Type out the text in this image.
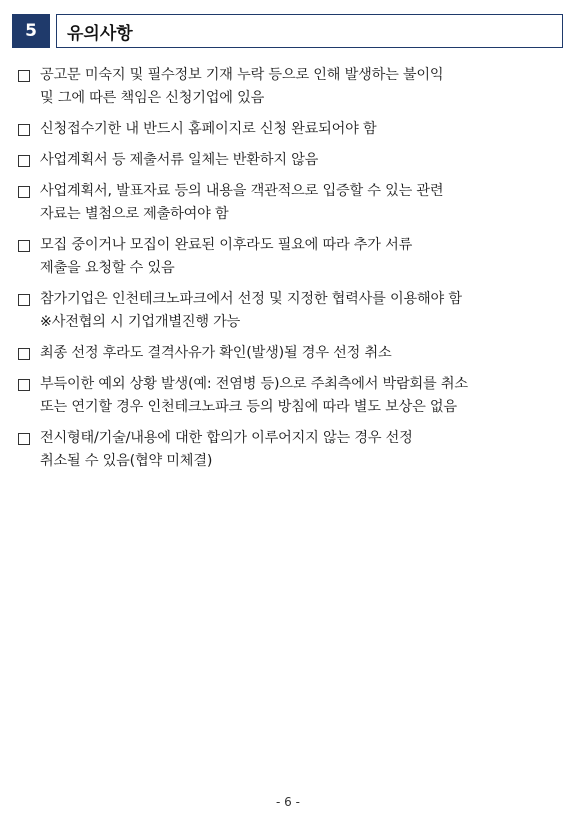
5	유의사항
공고문 미숙지 및 필수정보 기재 누락 등으로 인해 발생하는 불이익
및 그에 따른 책임은 신청기업에 있음
신청접수기한 내 반드시 홈페이지로 신청 완료되어야 함
사업계획서 등 제출서류 일체는 반환하지 않음
사업계획서, 발표자료 등의 내용을 객관적으로 입증할 수 있는 관련
자료는 별첨으로 제출하여야 함
모집 중이거나 모집이 완료된 이후라도 필요에 따라 추가 서류
제출을 요청할 수 있음
참가기업은 인천테크노파크에서 선정 및 지정한 협력사를 이용해야 함
※사전협의 시 기업개별진행 가능
최종 선정 후라도 결격사유가 확인(발생)될 경우 선정 취소
부득이한 예외 상황 발생(예: 전염병 등)으로 주최측에서 박람회를 취소
또는 연기할 경우 인천테크노파크 등의 방침에 따라 별도 보상은 없음
전시형태/기술/내용에 대한 합의가 이루어지지 않는 경우 선정
취소될 수 있음(협약 미체결)
- 6 -
